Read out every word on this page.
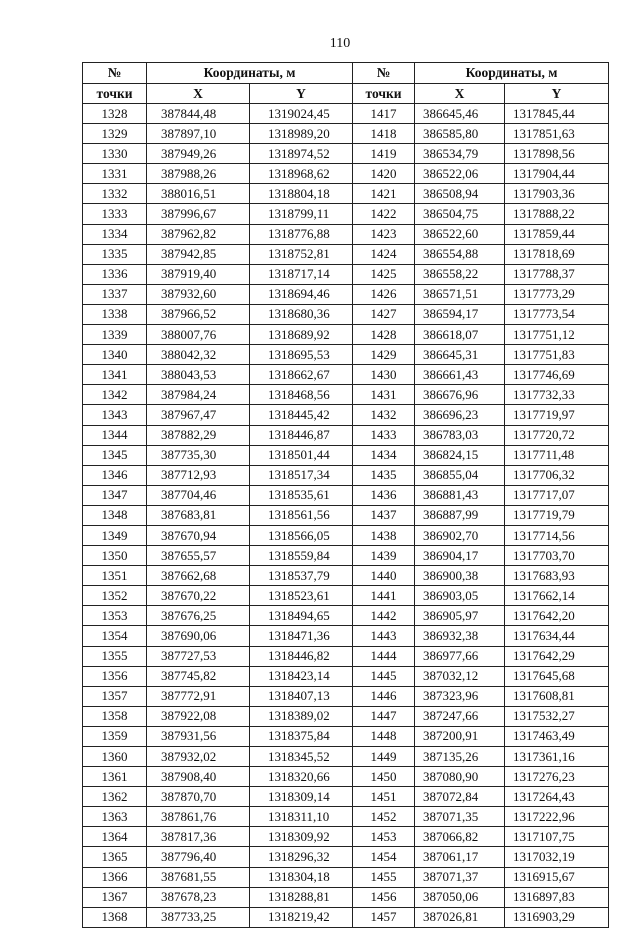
110
№	Координаты, м		№	Координаты, м	
точки	X	Y	точки	X	Y
1328	387844,48	1319024,45	1417	386645,46	1317845,44
1329	387897,10	1318989,20	1418	386585,80	1317851,63
1330	387949,26	1318974,52	1419	386534,79	1317898,56
1331	387988,26	1318968,62	1420	386522,06	1317904,44
1332	388016,51	1318804,18	1421	386508,94	1317903,36
1333	387996,67	1318799,11	1422	386504,75	1317888,22
1334	387962,82	1318776,88	1423	386522,60	1317859,44
1335	387942,85	1318752,81	1424	386554,88	1317818,69
1336	387919,40	1318717,14	1425	386558,22	1317788,37
1337	387932,60	1318694,46	1426	386571,51	1317773,29
1338	387966,52	1318680,36	1427	386594,17	1317773,54
1339	388007,76	1318689,92	1428	386618,07	1317751,12
1340	388042,32	1318695,53	1429	386645,31	1317751,83
1341	388043,53	1318662,67	1430	386661,43	1317746,69
1342	387984,24	1318468,56	1431	386676,96	1317732,33
1343	387967,47	1318445,42	1432	386696,23	1317719,97
1344	387882,29	1318446,87	1433	386783,03	1317720,72
1345	387735,30	1318501,44	1434	386824,15	1317711,48
1346	387712,93	1318517,34	1435	386855,04	1317706,32
1347	387704,46	1318535,61	1436	386881,43	1317717,07
1348	387683,81	1318561,56	1437	386887,99	1317719,79
1349	387670,94	1318566,05	1438	386902,70	1317714,56
1350	387655,57	1318559,84	1439	386904,17	1317703,70
1351	387662,68	1318537,79	1440	386900,38	1317683,93
1352	387670,22	1318523,61	1441	386903,05	1317662,14
1353	387676,25	1318494,65	1442	386905,97	1317642,20
1354	387690,06	1318471,36	1443	386932,38	1317634,44
1355	387727,53	1318446,82	1444	386977,66	1317642,29
1356	387745,82	1318423,14	1445	387032,12	1317645,68
1357	387772,91	1318407,13	1446	387323,96	1317608,81
1358	387922,08	1318389,02	1447	387247,66	1317532,27
1359	387931,56	1318375,84	1448	387200,91	1317463,49
1360	387932,02	1318345,52	1449	387135,26	1317361,16
1361	387908,40	1318320,66	1450	387080,90	1317276,23
1362	387870,70	1318309,14	1451	387072,84	1317264,43
1363	387861,76	1318311,10	1452	387071,35	1317222,96
1364	387817,36	1318309,92	1453	387066,82	1317107,75
1365	387796,40	1318296,32	1454	387061,17	1317032,19
1366	387681,55	1318304,18	1455	387071,37	1316915,67
1367	387678,23	1318288,81	1456	387050,06	1316897,83
1368	387733,25	1318219,42	1457	387026,81	1316903,29
